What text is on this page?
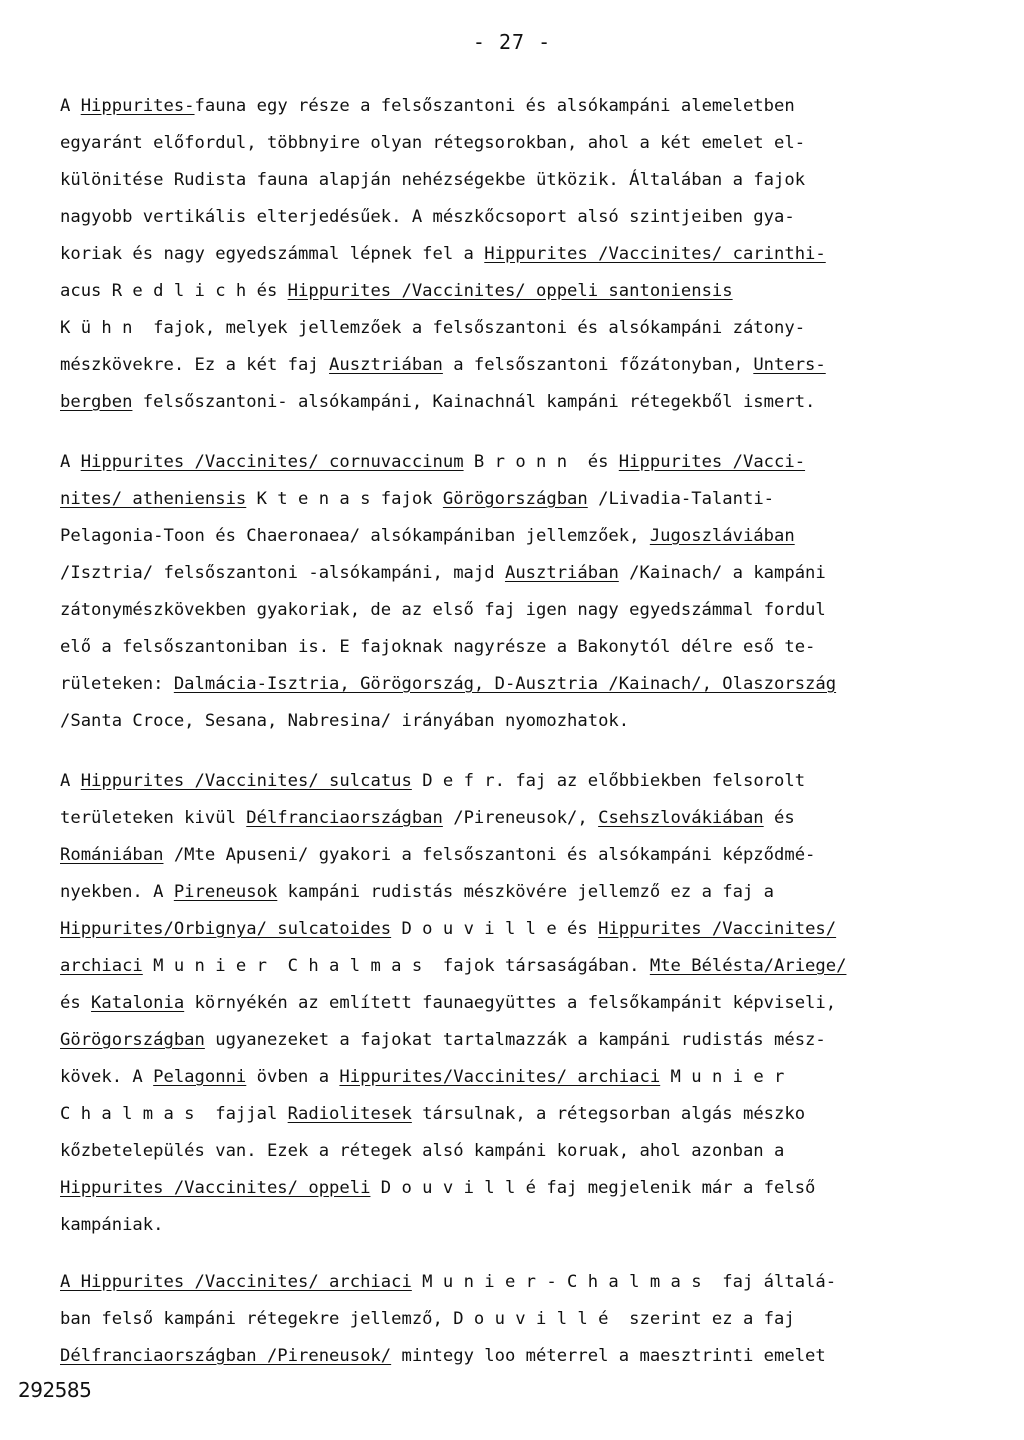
- 27 -
A Hippurites-fauna egy része a felsőszantoni és alsókampáni alemeletben
egyaránt előfordul, többnyire olyan rétegsorokban, ahol a két emelet el-
különitése Rudista fauna alapján nehézségekbe ütközik. Általában a fajok
nagyobb vertikális elterjedésűek. A mészkőcsoport alsó szintjeiben gya-
koriak és nagy egyedszámmal lépnek fel a Hippurites /Vaccinites/ carinthi-
acus R e d l i c h és Hippurites /Vaccinites/ oppeli santoniensis
K ü h n  fajok, melyek jellemzőek a felsőszantoni és alsókampáni zátony-
mészkövekre. Ez a két faj Ausztriában a felsőszantoni főzátonyban, Unters-
bergben felsőszantoni- alsókampáni, Kainachnál kampáni rétegekből ismert.
A Hippurites /Vaccinites/ cornuvaccinum B r o n n  és Hippurites /Vacci-
nites/ atheniensis K t e n a s fajok Görögországban /Livadia-Talanti-
Pelagonia-Toon és Chaeronaea/ alsókampániban jellemzőek, Jugoszláviában
/Isztria/ felsőszantoni -alsókampáni, majd Ausztriában /Kainach/ a kampáni
zátonymészkövekben gyakoriak, de az első faj igen nagy egyedszámmal fordul
elő a felsőszantoniban is. E fajoknak nagyrésze a Bakonytól délre eső te-
rületeken: Dalmácia-Isztria, Görögország, D-Ausztria /Kainach/, Olaszország
/Santa Croce, Sesana, Nabresina/ irányában nyomozhatok.
A Hippurites /Vaccinites/ sulcatus D e f r. faj az előbbiekben felsorolt
területeken kivül Délfranciaországban /Pireneusok/, Csehszlovákiában és
Romániában /Mte Apuseni/ gyakori a felsőszantoni és alsókampáni képződmé-
nyekben. A Pireneusok kampáni rudistás mészkövére jellemző ez a faj a
Hippurites/Orbignya/ sulcatoides D o u v i l l e és Hippurites /Vaccinites/
archiaci M u n i e r  C h a l m a s  fajok társaságában. Mte Bélésta/Ariege/
és Katalonia környékén az említett faunaegyüttes a felsőkampánit képviseli,
Görögországban ugyanezeket a fajokat tartalmazzák a kampáni rudistás mész-
kövek. A Pelagonni övben a Hippurites/Vaccinites/ archiaci M u n i e r
C h a l m a s  fajjal Radiolitesek társulnak, a rétegsorban algás mészko
kőzbetelepülés van. Ezek a rétegek alsó kampáni koruak, ahol azonban a
Hippurites /Vaccinites/ oppeli D o u v i l l é faj megjelenik már a felső
kampániak.
A Hippurites /Vaccinites/ archiaci M u n i e r - C h a l m a s  faj általá-
ban felső kampáni rétegekre jellemző, D o u v i l l é  szerint ez a faj
Délfranciaországban /Pireneusok/ mintegy loo méterrel a maesztrinti emelet
292585
